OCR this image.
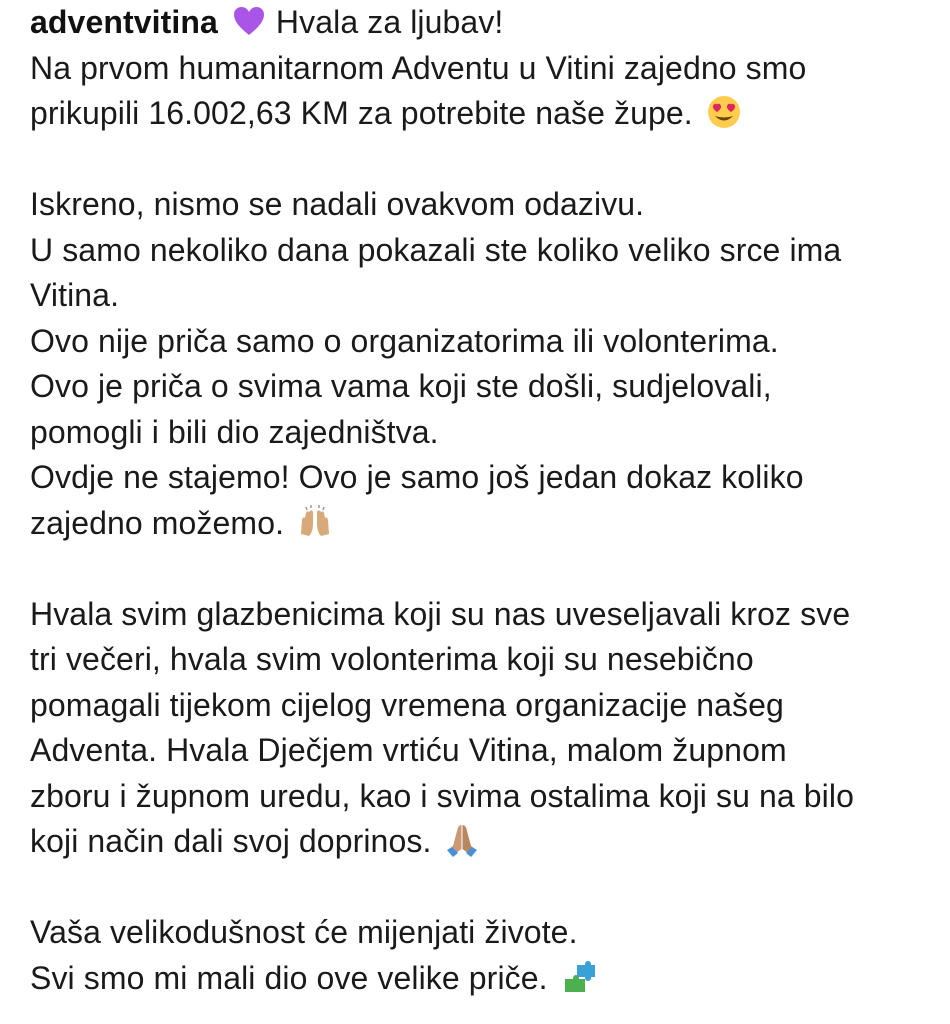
adventvitina Hvala za ljubav!
Na prvom humanitarnom Adventu u Vitini zajedno smo
prikupili 16.002,63 KM za potrebite naše župe.
Iskreno, nismo se nadali ovakvom odazivu.
U samo nekoliko dana pokazali ste koliko veliko srce ima
Vitina.
Ovo nije priča samo o organizatorima ili volonterima.
Ovo je priča o svima vama koji ste došli, sudjelovali,
pomogli i bili dio zajedništva.
Ovdje ne stajemo! Ovo je samo još jedan dokaz koliko
zajedno možemo.
Hvala svim glazbenicima koji su nas uveseljavali kroz sve
tri večeri, hvala svim volonterima koji su nesebično
pomagali tijekom cijelog vremena organizacije našeg
Adventa. Hvala Dječjem vrtiću Vitina, malom župnom
zboru i župnom uredu, kao i svima ostalima koji su na bilo
koji način dali svoj doprinos.
Vaša velikodušnost će mijenjati živote.
Svi smo mi mali dio ove velike priče.
